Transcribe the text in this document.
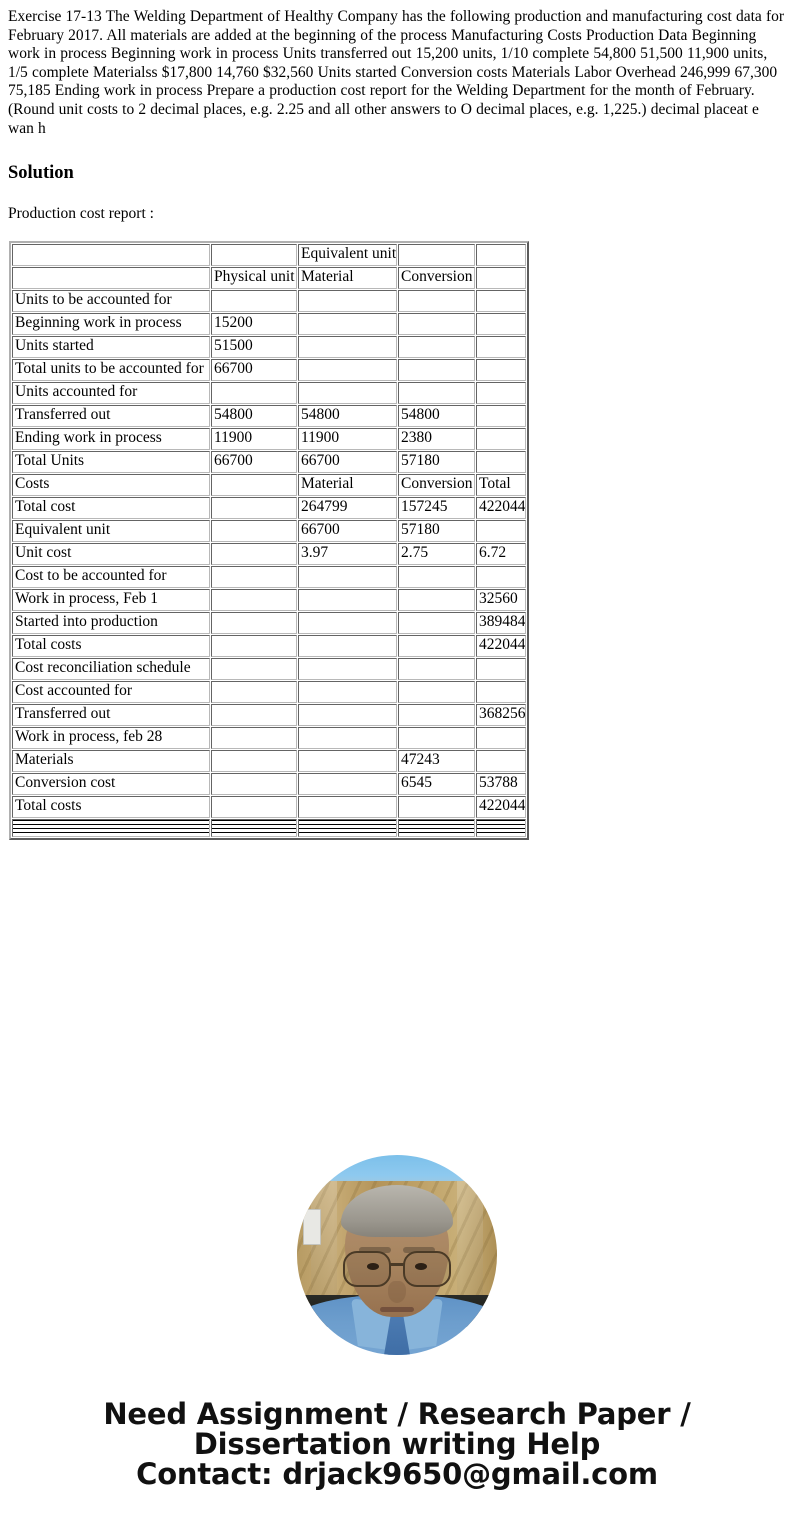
Exercise 17-13 The Welding Department of Healthy Company has the following production and manufacturing cost data for February 2017. All materials are added at the beginning of the process Manufacturing Costs Production Data Beginning work in process Beginning work in process Units transferred out 15,200 units, 1/10 complete 54,800 51,500 11,900 units, 1/5 complete Materialss $17,800 14,760 $32,560 Units started Conversion costs Materials Labor Overhead 246,999 67,300 75,185 Ending work in process Prepare a production cost report for the Welding Department for the month of February. (Round unit costs to 2 decimal places, e.g. 2.25 and all other answers to O decimal places, e.g. 1,225.) decimal placeat e wan h

Solution

Production cost report :

		Equivalent unit		
	Physical unit	Material	Conversion	
Units to be accounted for				
Beginning work in process	15200			
Units started	51500			
Total units to be accounted for	66700			
Units accounted for				
Transferred out	54800	54800	54800	
Ending work in process	11900	11900	2380	
Total Units	66700	66700	57180	
Costs		Material	Conversion	Total
Total cost		264799	157245	422044
Equivalent unit		66700	57180	
Unit cost		3.97	2.75	6.72
Cost to be accounted for				
Work in process, Feb 1				32560
Started into production				389484
Total costs				422044
Cost reconciliation schedule				
Cost accounted for				
Transferred out				368256
Work in process, feb 28				
Materials			47243	
Conversion cost			6545	53788
Total costs				422044

Need Assignment / Research Paper / Dissertation writing Help
Contact: drjack9650@gmail.com
